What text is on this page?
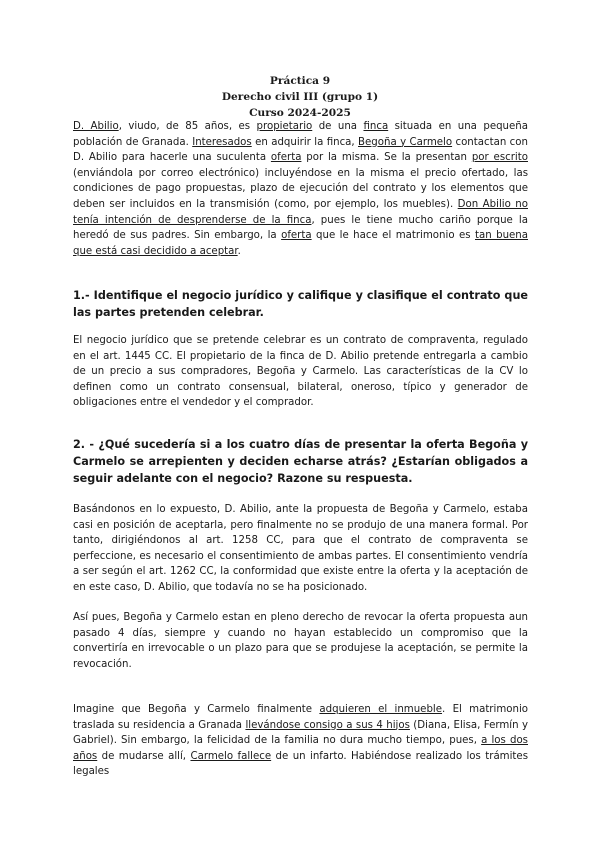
Práctica 9
Derecho civil III (grupo 1)
Curso 2024-2025

D. Abilio, viudo, de 85 años, es propietario de una finca situada en una pequeña población de Granada. Interesados en adquirir la finca, Begoña y Carmelo contactan con D. Abilio para hacerle una suculenta oferta por la misma. Se la presentan por escrito (enviándola por correo electrónico) incluyéndose en la misma el precio ofertado, las condiciones de pago propuestas, plazo de ejecución del contrato y los elementos que deben ser incluidos en la transmisión (como, por ejemplo, los muebles). Don Abilio no tenía intención de desprenderse de la finca, pues le tiene mucho cariño porque la heredó de sus padres. Sin embargo, la oferta que le hace el matrimonio es tan buena que está casi decidido a aceptar.

1.- Identifique el negocio jurídico y califique y clasifique el contrato que las partes pretenden celebrar.

El negocio jurídico que se pretende celebrar es un contrato de compraventa, regulado en el art. 1445 CC. El propietario de la finca de D. Abilio pretende entregarla a cambio de un precio a sus compradores, Begoña y Carmelo. Las características de la CV lo definen como un contrato consensual, bilateral, oneroso, típico y generador de obligaciones entre el vendedor y el comprador.

2. - ¿Qué sucedería si a los cuatro días de presentar la oferta Begoña y Carmelo se arrepienten y deciden echarse atrás? ¿Estarían obligados a seguir adelante con el negocio? Razone su respuesta.

Basándonos en lo expuesto, D. Abilio, ante la propuesta de Begoña y Carmelo, estaba casi en posición de aceptarla, pero finalmente no se produjo de una manera formal. Por tanto, dirigiéndonos al art. 1258 CC, para que el contrato de compraventa se perfeccione, es necesario el consentimiento de ambas partes. El consentimiento vendría a ser según el art. 1262 CC, la conformidad que existe entre la oferta y la aceptación de en este caso, D. Abilio, que todavía no se ha posicionado.

Así pues, Begoña y Carmelo estan en pleno derecho de revocar la oferta propuesta aun pasado 4 días, siempre y cuando no hayan establecido un compromiso que la convertiría en irrevocable o un plazo para que se produjese la aceptación, se permite la revocación.

Imagine que Begoña y Carmelo finalmente adquieren el inmueble. El matrimonio traslada su residencia a Granada llevándose consigo a sus 4 hijos (Diana, Elisa, Fermín y Gabriel). Sin embargo, la felicidad de la familia no dura mucho tiempo, pues, a los dos años de mudarse allí, Carmelo fallece de un infarto. Habiéndose realizado los trámites legales
